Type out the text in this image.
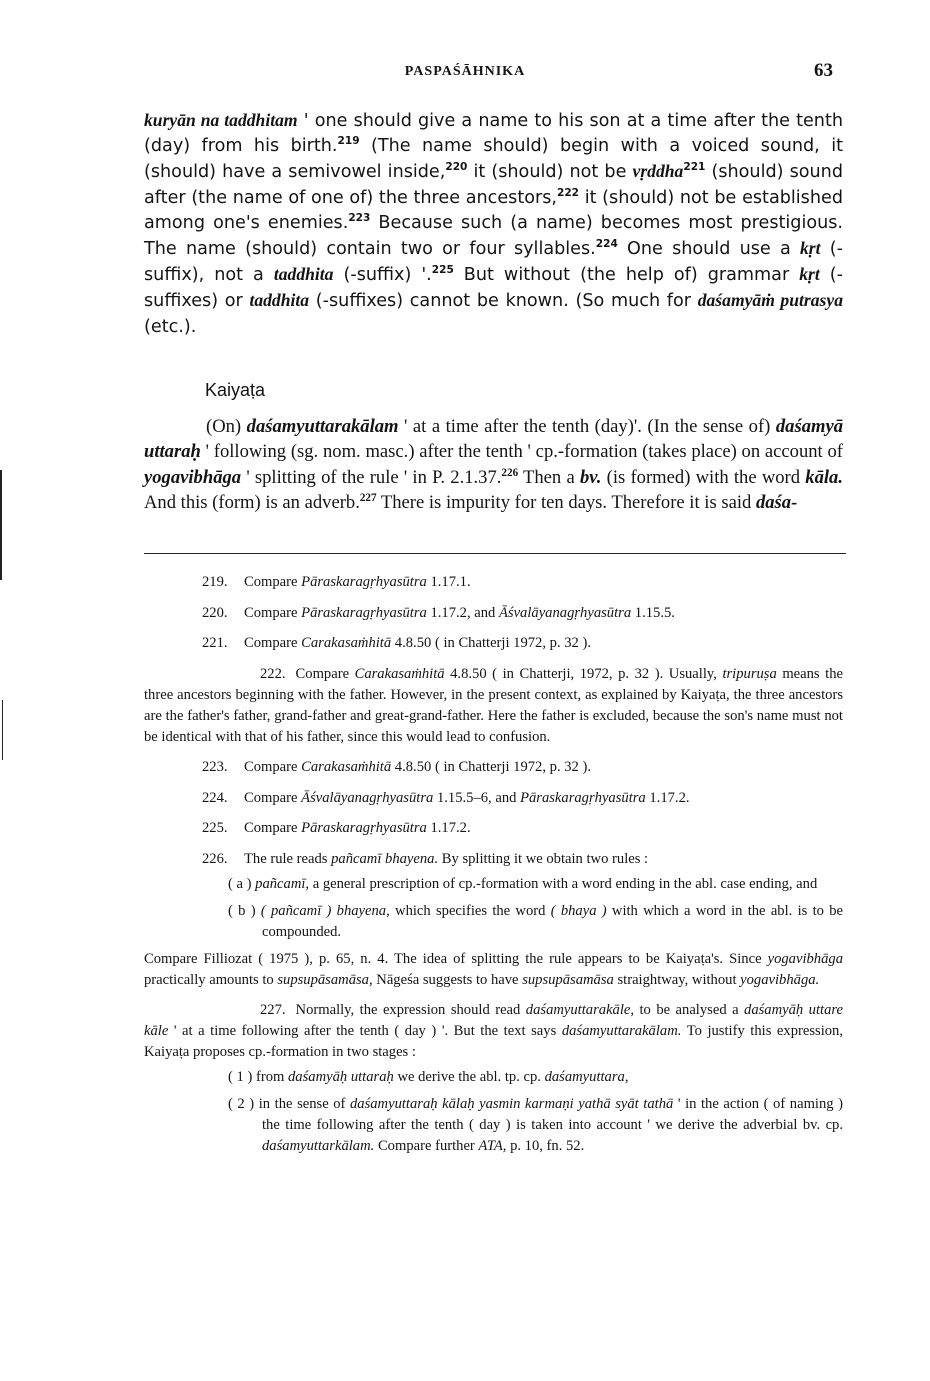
PASPAŚĀHNIKA	63

kuryān na taddhitam ' one should give a name to his son at a time after the tenth (day) from his birth.$^{219}$ (The name should) begin with a voiced sound, it (should) have a semivowel inside,$^{220}$ it (should) not be vṛddha$^{221}$ (should) sound after (the name of one of) the three ancestors,$^{222}$ it (should) not be established among one's enemies.$^{223}$ Because such (a name) becomes most prestigious. The name (should) contain two or four syllables.$^{224}$ One should use a kṛt (-suffix), not a taddhita (-suffix) '.$^{225}$ But without (the help of) grammar kṛt (-suffixes) or taddhita (-suffixes) cannot be known. (So much for daśamyāṁ putrasya (etc.).

Kaiyaṭa

(On) daśamyuttarakālam ' at a time after the tenth (day)'. (In the sense of) daśamyā uttaraḥ ' following (sg. nom. masc.) after the tenth ' cp.-formation (takes place) on account of yogavibhāga ' splitting of the rule ' in P. 2.1.37.$^{226}$ Then a bv. (is formed) with the word kāla. And this (form) is an adverb.$^{227}$ There is impurity for ten days. Therefore it is said daśa-

219. Compare Pāraskaragṛhyasūtra 1.17.1.

220. Compare Pāraskaragṛhyasūtra 1.17.2, and Āśvalāyanagṛhyasūtra 1.15.5.

221. Compare Carakasaṁhitā 4.8.50 ( in Chatterji 1972, p. 32 ).

222. Compare Carakasaṁhitā 4.8.50 ( in Chatterji, 1972, p. 32 ). Usually, tripuruṣa means the three ancestors beginning with the father. However, in the present context, as explained by Kaiyaṭa, the three ancestors are the father's father, grand-father and great-grand-father. Here the father is excluded, because the son's name must not be identical with that of his father, since this would lead to confusion.

223. Compare Carakasaṁhitā 4.8.50 ( in Chatterji 1972, p. 32 ).

224. Compare Āśvalāyanagṛhyasūtra 1.15.5–6, and Pāraskaragṛhyasūtra 1.17.2.

225. Compare Pāraskaragṛhyasūtra 1.17.2.

226. The rule reads pañcamī bhayena. By splitting it we obtain two rules :

( a ) pañcamī, a general prescription of cp.-formation with a word ending in the abl. case ending, and

( b ) ( pañcamī ) bhayena, which specifies the word ( bhaya ) with which a word in the abl. is to be compounded.

Compare Filliozat ( 1975 ), p. 65, n. 4. The idea of splitting the rule appears to be Kaiyaṭa's. Since yogavibhāga practically amounts to supsupāsamāsa, Nāgeśa suggests to have supsupāsamāsa straightway, without yogavibhāga.

227. Normally, the expression should read daśamyuttarakāle, to be analysed a daśamyāḥ uttare kāle ' at a time following after the tenth ( day ) '. But the text says daśamyuttarakālam. To justify this expression, Kaiyaṭa proposes cp.-formation in two stages :

( 1 ) from daśamyāḥ uttaraḥ we derive the abl. tp. cp. daśamyuttara,

( 2 ) in the sense of daśamyuttaraḥ kālaḥ yasmin karmaṇi yathā syāt tathā ' in the action ( of naming ) the time following after the tenth ( day ) is taken into account ' we derive the adverbial bv. cp. daśamyuttarkālam. Compare further ATA, p. 10, fn. 52.
